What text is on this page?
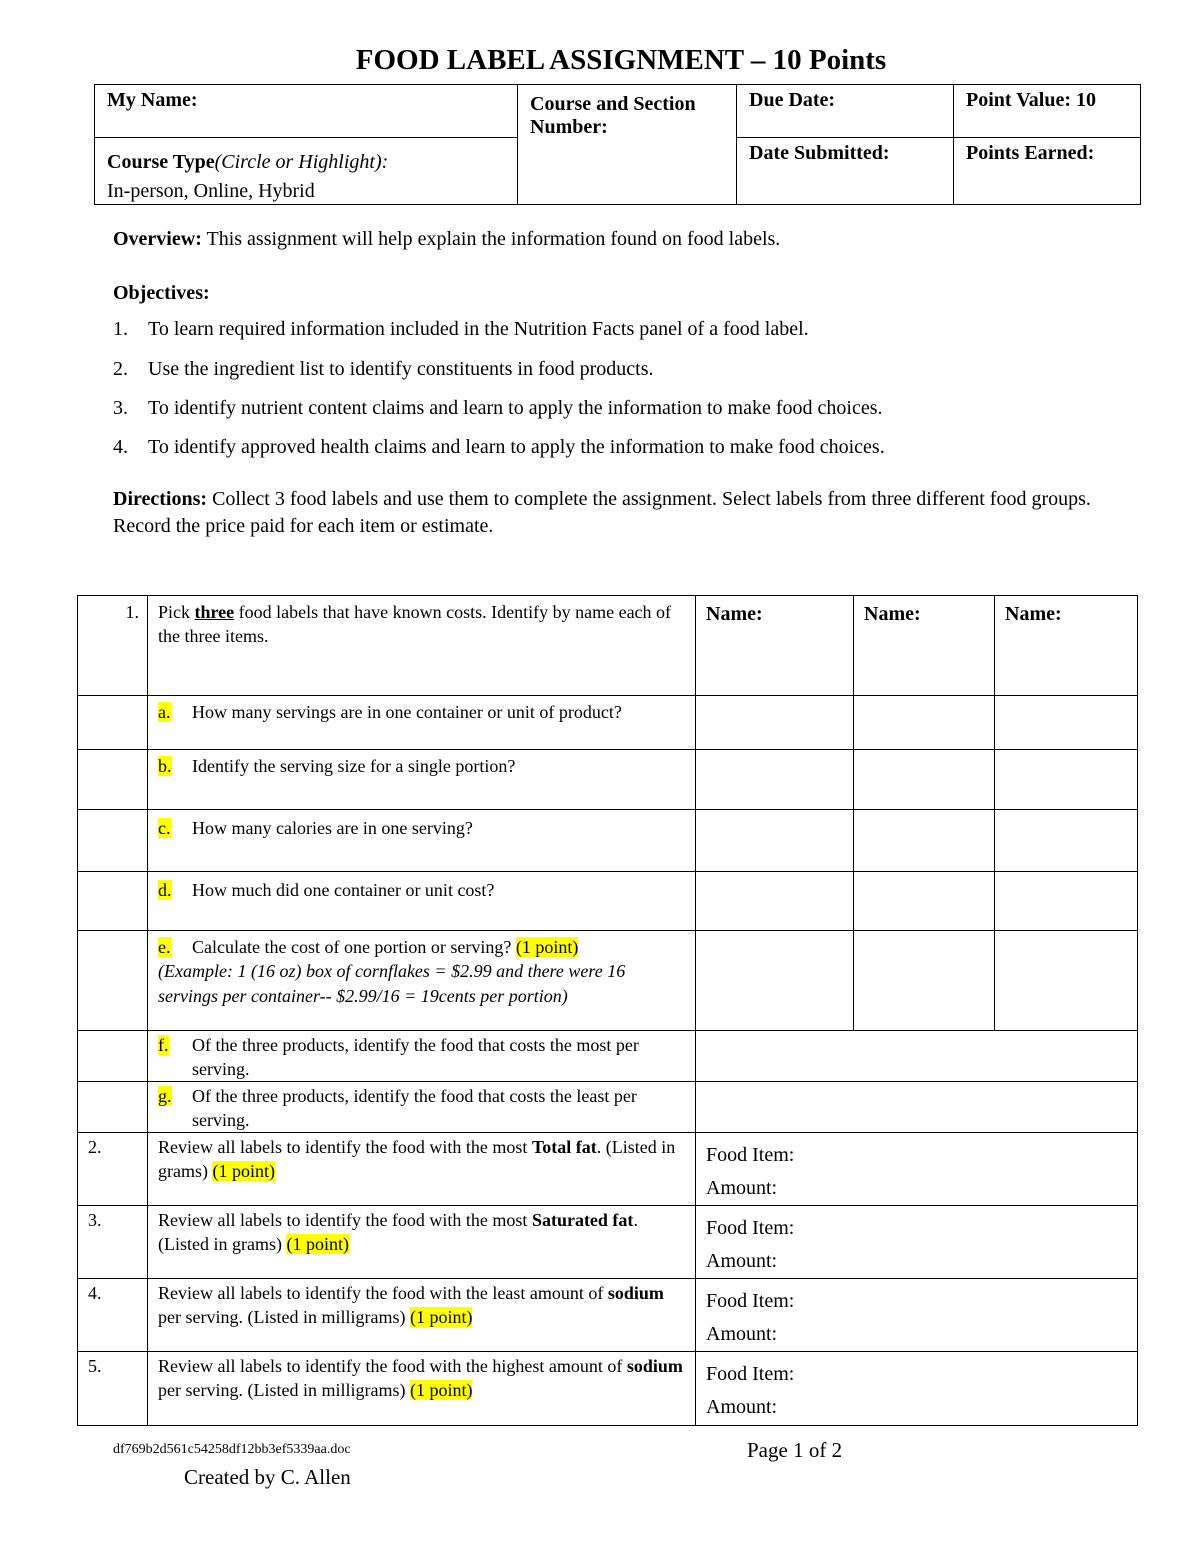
FOOD LABEL ASSIGNMENT – 10 Points
My Name:	Course and Section Number:	Due Date:	Point Value: 10

Course Type(Circle or Highlight):
In-person, Online, Hybrid		Date Submitted:	Points Earned:
Overview: This assignment will help explain the information found on food labels.
Objectives:
1. To learn required information included in the Nutrition Facts panel of a food label.
2. Use the ingredient list to identify constituents in food products.
3. To identify nutrient content claims and learn to apply the information to make food choices.
4. To identify approved health claims and learn to apply the information to make food choices.
Directions: Collect 3 food labels and use them to complete the assignment. Select labels from three different food groups. Record the price paid for each item or estimate.
1.	Pick three food labels that have known costs. Identify by name each of the three items.	Name:	Name:	Name:

	a. How many servings are in one container or unit of product?			

	b. Identify the serving size for a single portion?			

	c. How many calories are in one serving?			

	d. How much did one container or unit cost?			

	e. Calculate the cost of one portion or serving? (1 point)
(Example: 1 (16 oz) box of cornflakes = $2.99 and there were 16 servings per container-- $2.99/16 = 19cents per portion)			

	f. Of the three products, identify the food that costs the most per serving.			

	g. Of the three products, identify the food that costs the least per serving.			

2.	Review all labels to identify the food with the most Total fat. (Listed in grams) (1 point)	Food Item:
Amount:		

3.	Review all labels to identify the food with the most Saturated fat. (Listed in grams) (1 point)	Food Item:
Amount:		

4.	Review all labels to identify the food with the least amount of sodium per serving. (Listed in milligrams) (1 point)	Food Item:
Amount:		

5.	Review all labels to identify the food with the highest amount of sodium per serving. (Listed in milligrams) (1 point)	Food Item:
Amount:		
df769b2d561c54258df12bb3ef5339aa.doc	Page 1 of 2
Created by C. Allen
